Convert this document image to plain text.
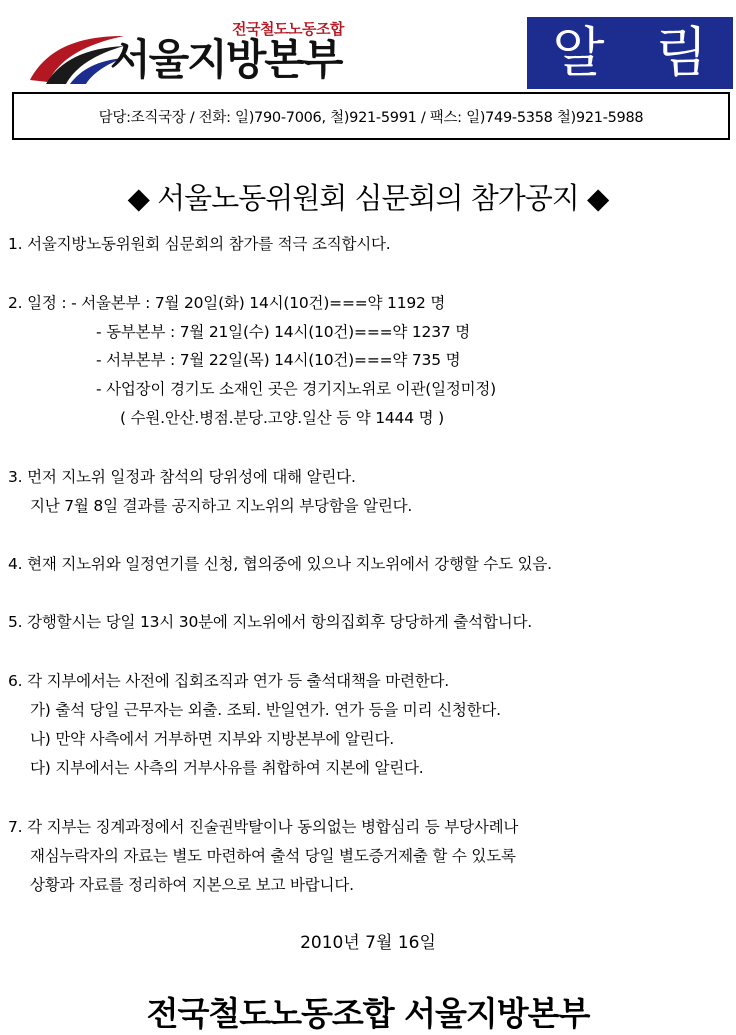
전국철도노동조합
서울지방본부	알 림
담당:조직국장 / 전화: 일)790-7006, 철)921-5991 / 팩스: 일)749-5358 철)921-5988
◆ 서울노동위원회 심문회의 참가공지 ◆
1. 서울지방노동위원회 심문회의 참가를 적극 조직합시다.
2. 일정 : - 서울본부 : 7월 20일(화) 14시(10건)===약 1192 명
- 동부본부 : 7월 21일(수) 14시(10건)===약 1237 명
- 서부본부 : 7월 22일(목) 14시(10건)===약 735 명
- 사업장이 경기도 소재인 곳은 경기지노위로 이관(일정미정)
( 수원.안산.병점.분당.고양.일산 등 약 1444 명 )
3. 먼저 지노위 일정과 참석의 당위성에 대해 알린다.
지난 7월 8일 결과를 공지하고 지노위의 부당함을 알린다.
4. 현재 지노위와 일정연기를 신청, 협의중에 있으나 지노위에서 강행할 수도 있음.
5. 강행할시는 당일 13시 30분에 지노위에서 항의집회후 당당하게 출석합니다.
6. 각 지부에서는 사전에 집회조직과 연가 등 출석대책을 마련한다.
가) 출석 당일 근무자는 외출. 조퇴. 반일연가. 연가 등을 미리 신청한다.
나) 만약 사측에서 거부하면 지부와 지방본부에 알린다.
다) 지부에서는 사측의 거부사유를 취합하여 지본에 알린다.
7. 각 지부는 징계과정에서 진술권박탈이나 동의없는 병합심리 등 부당사례나
재심누락자의 자료는 별도 마련하여 출석 당일 별도증거제출 할 수 있도록
상황과 자료를 정리하여 지본으로 보고 바랍니다.
2010년 7월 16일
전국철도노동조합 서울지방본부
